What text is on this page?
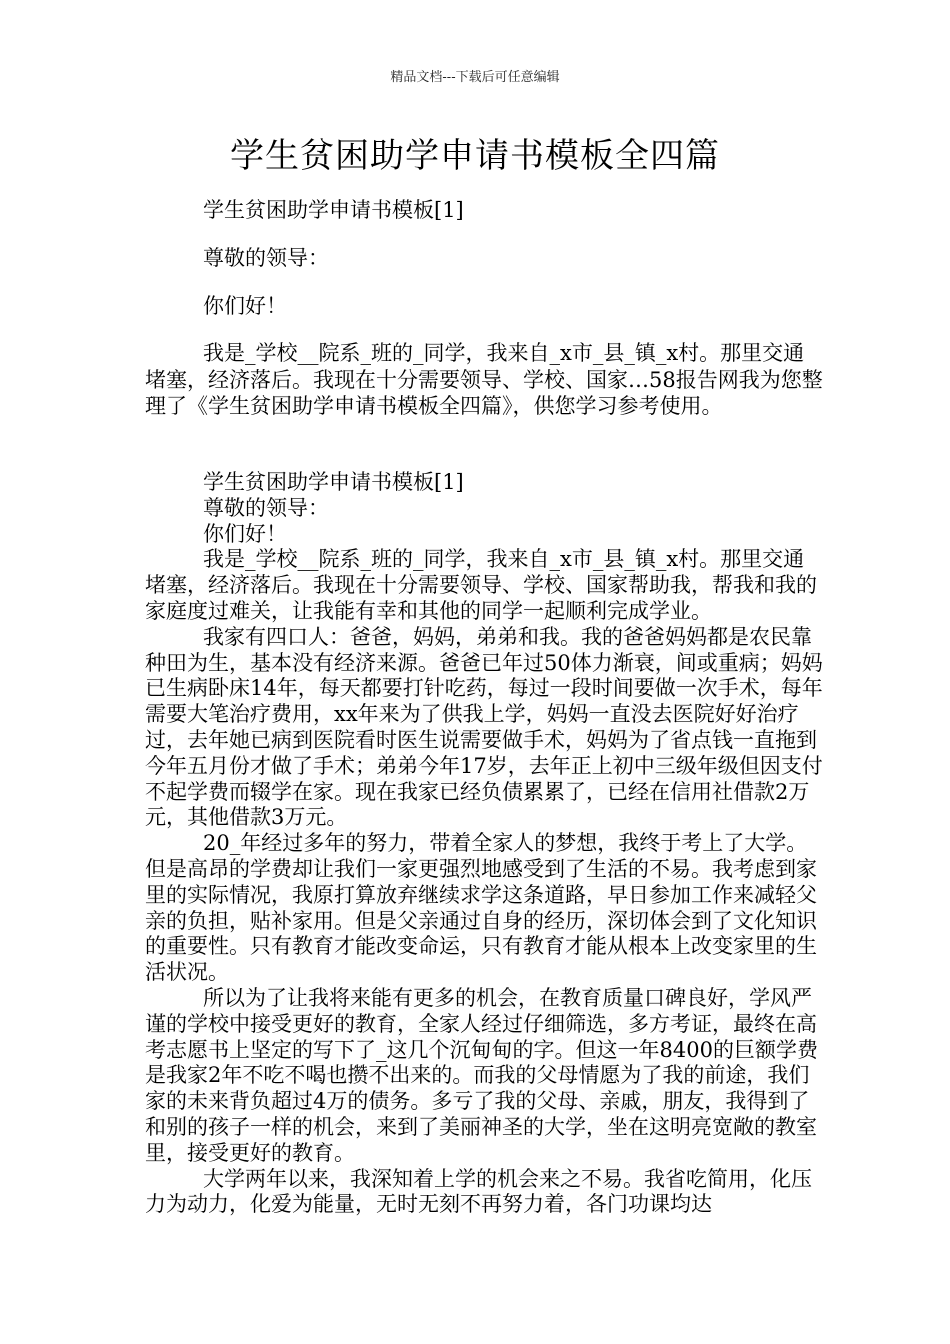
精品文档---下载后可任意编辑
学生贫困助学申请书模板全四篇

学生贫困助学申请书模板[1]

尊敬的领导：

你们好！

我是_学校__院系_班的_同学，我来自_x市_县_镇_x村。那里交通堵塞，经济落后。我现在十分需要领导、学校、国家…58报告网我为您整理了《学生贫困助学申请书模板全四篇》，供您学习参考使用。

学生贫困助学申请书模板[1]

尊敬的领导：

你们好！

我是_学校__院系_班的_同学，我来自_x市_县_镇_x村。那里交通堵塞，经济落后。我现在十分需要领导、学校、国家帮助我，帮我和我的家庭度过难关，让我能有幸和其他的同学一起顺利完成学业。

我家有四口人：爸爸，妈妈，弟弟和我。我的爸爸妈妈都是农民靠种田为生，基本没有经济来源。爸爸已年过50体力渐衰，间或重病；妈妈已生病卧床14年，每天都要打针吃药，每过一段时间要做一次手术，每年需要大笔治疗费用，xx年来为了供我上学，妈妈一直没去医院好好治疗过，去年她已病到医院看时医生说需要做手术，妈妈为了省点钱一直拖到今年五月份才做了手术；弟弟今年17岁，去年正上初中三级年级但因支付不起学费而辍学在家。现在我家已经负债累累了，已经在信用社借款2万元，其他借款3万元。

20_年经过多年的努力，带着全家人的梦想，我终于考上了大学。但是高昂的学费却让我们一家更强烈地感受到了生活的不易。我考虑到家里的实际情况，我原打算放弃继续求学这条道路，早日参加工作来减轻父亲的负担，贴补家用。但是父亲通过自身的经历，深切体会到了文化知识的重要性。只有教育才能改变命运，只有教育才能从根本上改变家里的生活状况。

所以为了让我将来能有更多的机会，在教育质量口碑良好，学风严谨的学校中接受更好的教育，全家人经过仔细筛选，多方考证，最终在高考志愿书上坚定的写下了_这几个沉甸甸的字。但这一年8400的巨额学费是我家2年不吃不喝也攒不出来的。而我的父母情愿为了我的前途，我们家的未来背负超过4万的债务。多亏了我的父母、亲戚，朋友，我得到了和别的孩子一样的机会，来到了美丽神圣的大学，坐在这明亮宽敞的教室里，接受更好的教育。

大学两年以来，我深知着上学的机会来之不易。我省吃简用，化压力为动力，化爱为能量，无时无刻不再努力着，各门功课均达
